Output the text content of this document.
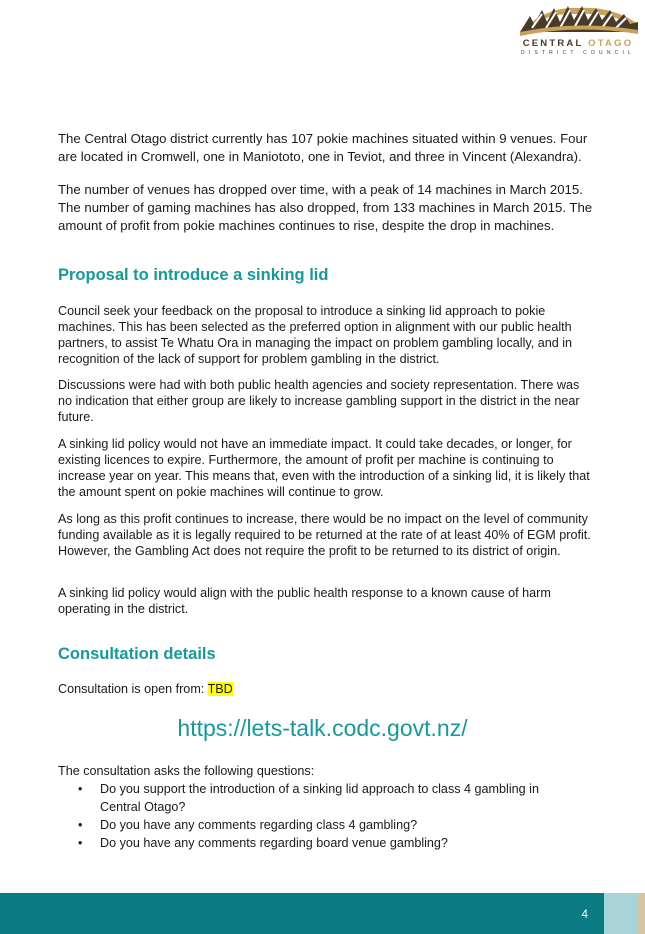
CENTRAL OTAGO
DISTRICT COUNCIL

The Central Otago district currently has 107 pokie machines situated within 9 venues. Four are located in Cromwell, one in Maniototo, one in Teviot, and three in Vincent (Alexandra).

The number of venues has dropped over time, with a peak of 14 machines in March 2015. The number of gaming machines has also dropped, from 133 machines in March 2015. The amount of profit from pokie machines continues to rise, despite the drop in machines.

Proposal to introduce a sinking lid

Council seek your feedback on the proposal to introduce a sinking lid approach to pokie machines. This has been selected as the preferred option in alignment with our public health partners, to assist Te Whatu Ora in managing the impact on problem gambling locally, and in recognition of the lack of support for problem gambling in the district.

Discussions were had with both public health agencies and society representation. There was no indication that either group are likely to increase gambling support in the district in the near future.

A sinking lid policy would not have an immediate impact. It could take decades, or longer, for existing licences to expire. Furthermore, the amount of profit per machine is continuing to increase year on year. This means that, even with the introduction of a sinking lid, it is likely that the amount spent on pokie machines will continue to grow.

As long as this profit continues to increase, there would be no impact on the level of community funding available as it is legally required to be returned at the rate of at least 40% of EGM profit. However, the Gambling Act does not require the profit to be returned to its district of origin.

A sinking lid policy would align with the public health response to a known cause of harm operating in the district.

Consultation details

Consultation is open from: TBD

https://lets-talk.codc.govt.nz/

The consultation asks the following questions:

• Do you support the introduction of a sinking lid approach to class 4 gambling in Central Otago?
• Do you have any comments regarding class 4 gambling?
• Do you have any comments regarding board venue gambling?
4
